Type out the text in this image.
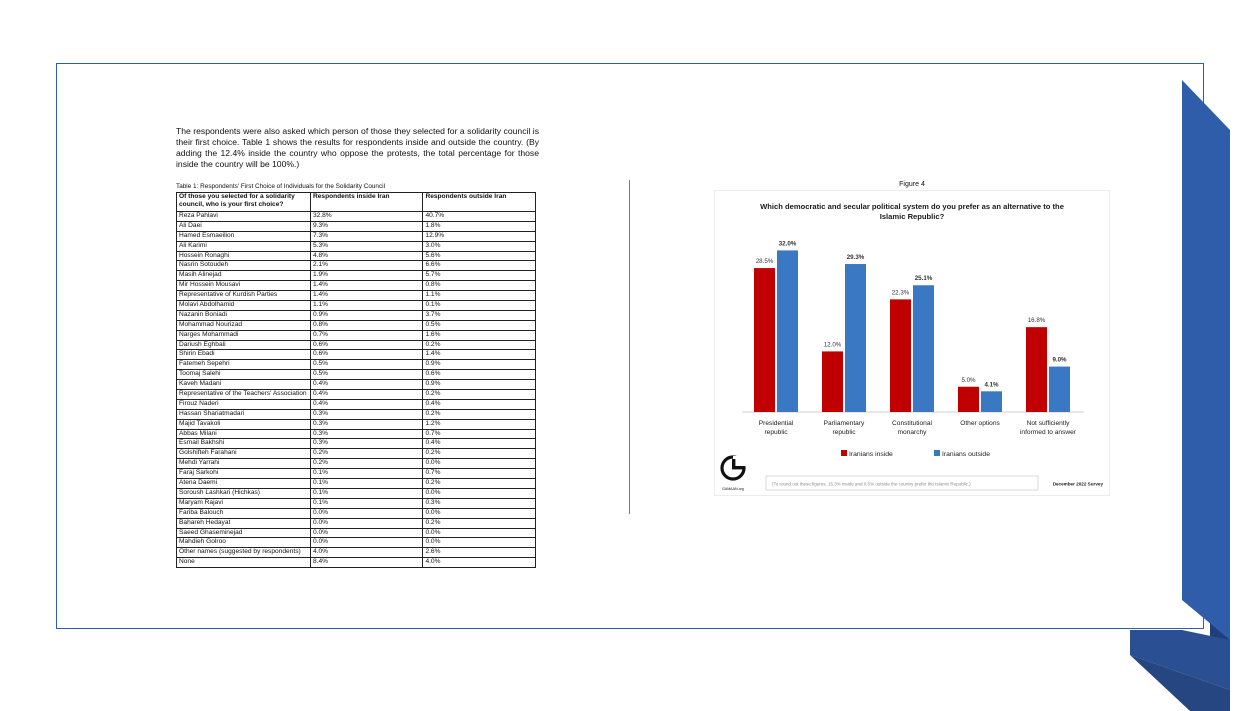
The respondents were also asked which person of those they selected for a solidarity council is their first choice. Table 1 shows the results for respondents inside and outside the country. (By adding the 12.4% inside the country who oppose the protests, the total percentage for those inside the country will be 100%.)

Table 1: Respondents' First Choice of Individuals for the Solidarity Council
Of those you selected for a solidarity council, who is your first choice?	Respondents inside Iran	Respondents outside Iran
Reza Pahlavi	32.8%	40.7%
Ali Daei	9.3%	1.8%
Hamed Esmaeilion	7.3%	12.9%
Ali Karimi	5.3%	3.0%
Hossein Ronaghi	4.8%	5.6%
Nasrin Sotoudeh	2.1%	6.6%
Masih Alinejad	1.9%	5.7%
Mir Hossein Mousavi	1.4%	0.8%
Representative of Kurdish Parties	1.4%	1.1%
Molavi Abdolhamid	1.1%	0.1%
Nazanin Boniadi	0.9%	3.7%
Mohammad Nourizad	0.8%	0.5%
Narges Mohammadi	0.7%	1.6%
Dariush Eghbali	0.6%	0.2%
Shirin Ebadi	0.6%	1.4%
Fatemeh Sepehri	0.5%	0.9%
Toomaj Salehi	0.5%	0.6%
Kaveh Madani	0.4%	0.9%
Representative of the Teachers' Association	0.4%	0.2%
Firouz Naderi	0.4%	0.4%
Hassan Shariatmadari	0.3%	0.2%
Majid Tavakoli	0.3%	1.2%
Abbas Milani	0.3%	0.7%
Esmail Bakhshi	0.3%	0.4%
Golshifteh Farahani	0.2%	0.2%
Mehdi Yarrahi	0.2%	0.0%
Faraj Sarkohi	0.1%	0.7%
Atena Daemi	0.1%	0.2%
Soroush Lashkari (Hichkas)	0.1%	0.0%
Maryam Rajavi	0.1%	0.3%
Fariba Balouch	0.0%	0.0%
Bahareh Hedayat	0.0%	0.2%
Saeed Ghaseminejad	0.0%	0.0%
Mahdieh Golroo	0.0%	0.0%
Other names (suggested by respondents)	4.0%	2.6%
None	8.4%	4.0%
Figure 4
Which democratic and secular political system do you prefer as an alternative to the Islamic Republic?
28.5%
12.0%
22.3%
5.0%
16.8%
32.0%
29.3%
25.1%
4.1%
9.0%
Presidential republic
Parliamentary republic
Constitutional monarchy
Other options	Not sufficiently informed to answer
Iranians inside	Iranians outside
GAMAAN.org
(To round out these figures, 15.3% inside and 0.5% outside the country prefer the Islamic Republic.)	December 2022 Survey
